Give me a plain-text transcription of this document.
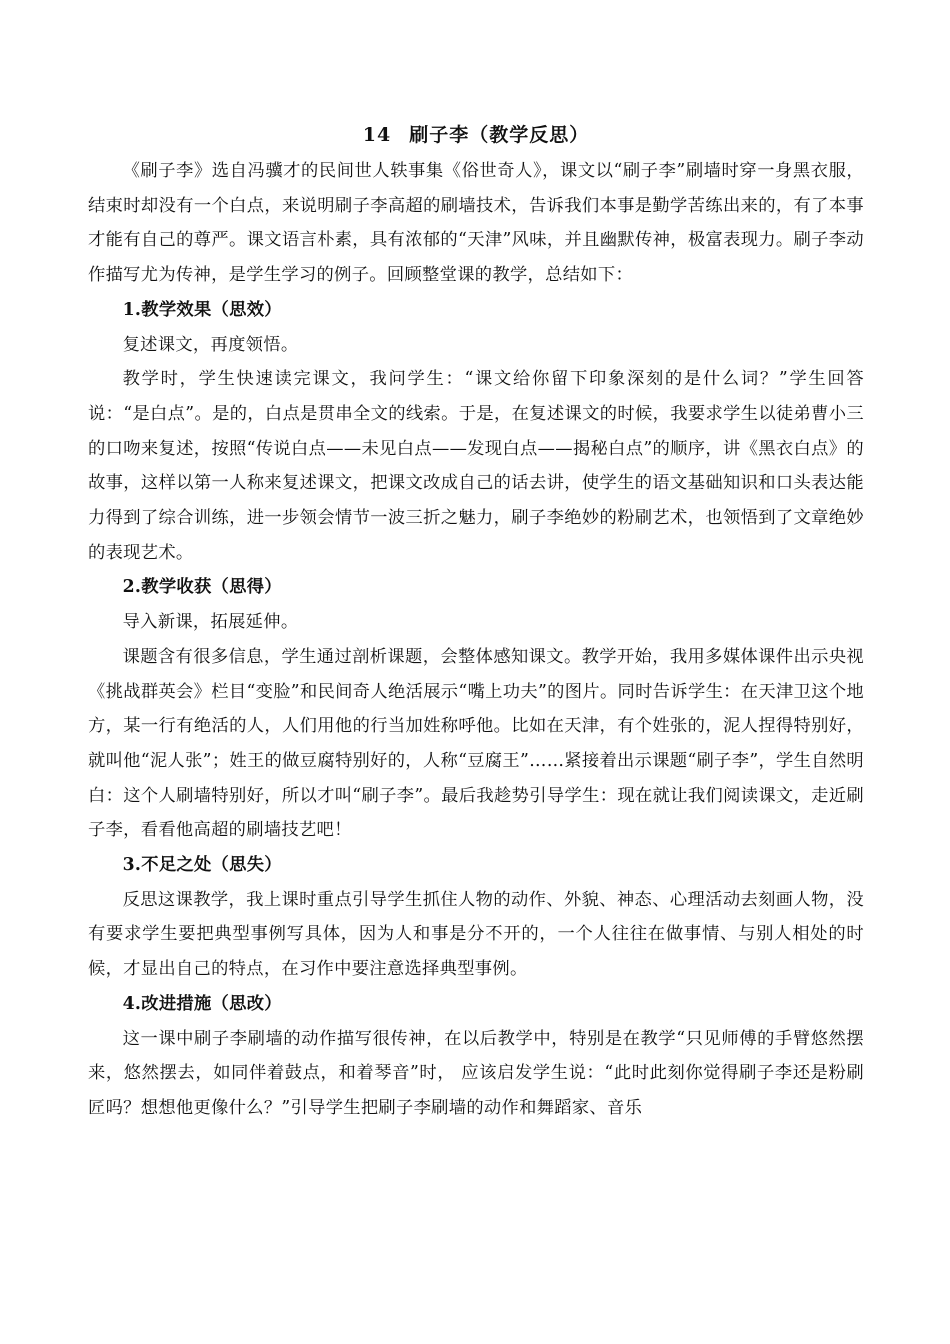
14 刷子李（教学反思）

《刷子李》选自冯骥才的民间世人轶事集《俗世奇人》，课文以“刷子李”刷墙时穿一身黑衣服，结束时却没有一个白点，来说明刷子李高超的刷墙技术，告诉我们本事是勤学苦练出来的，有了本事才能有自己的尊严。课文语言朴素，具有浓郁的“天津”风味，并且幽默传神，极富表现力。刷子李动作描写尤为传神，是学生学习的例子。回顾整堂课的教学，总结如下：

1.教学效果（思效）

复述课文，再度领悟。

教学时，学生快速读完课文，我问学生：“课文给你留下印象深刻的是什么词？”学生回答说：“是白点”。是的，白点是贯串全文的线索。于是，在复述课文的时候，我要求学生以徒弟曹小三的口吻来复述，按照“传说白点——未见白点——发现白点——揭秘白点”的顺序，讲《黑衣白点》的故事，这样以第一人称来复述课文，把课文改成自己的话去讲，使学生的语文基础知识和口头表达能力得到了综合训练，进一步领会情节一波三折之魅力，刷子李绝妙的粉刷艺术，也领悟到了文章绝妙的表现艺术。

2.教学收获（思得）

导入新课，拓展延伸。

课题含有很多信息，学生通过剖析课题，会整体感知课文。教学开始，我用多媒体课件出示央视《挑战群英会》栏目“变脸”和民间奇人绝活展示“嘴上功夫”的图片。同时告诉学生：在天津卫这个地方，某一行有绝活的人，人们用他的行当加姓称呼他。比如在天津，有个姓张的，泥人捏得特别好，就叫他“泥人张”；姓王的做豆腐特别好的，人称“豆腐王”……紧接着出示课题“刷子李”，学生自然明白：这个人刷墙特别好，所以才叫“刷子李”。最后我趁势引导学生：现在就让我们阅读课文，走近刷子李，看看他高超的刷墙技艺吧！

3.不足之处（思失）

反思这课教学，我上课时重点引导学生抓住人物的动作、外貌、神态、心理活动去刻画人物，没有要求学生要把典型事例写具体，因为人和事是分不开的，一个人往往在做事情、与别人相处的时候，才显出自己的特点，在习作中要注意选择典型事例。

4.改进措施（思改）

这一课中刷子李刷墙的动作描写很传神，在以后教学中，特别是在教学“只见师傅的手臂悠然摆来，悠然摆去，如同伴着鼓点，和着琴音”时， 应该启发学生说：“此时此刻你觉得刷子李还是粉刷匠吗？想想他更像什么？”引导学生把刷子李刷墙的动作和舞蹈家、音乐
